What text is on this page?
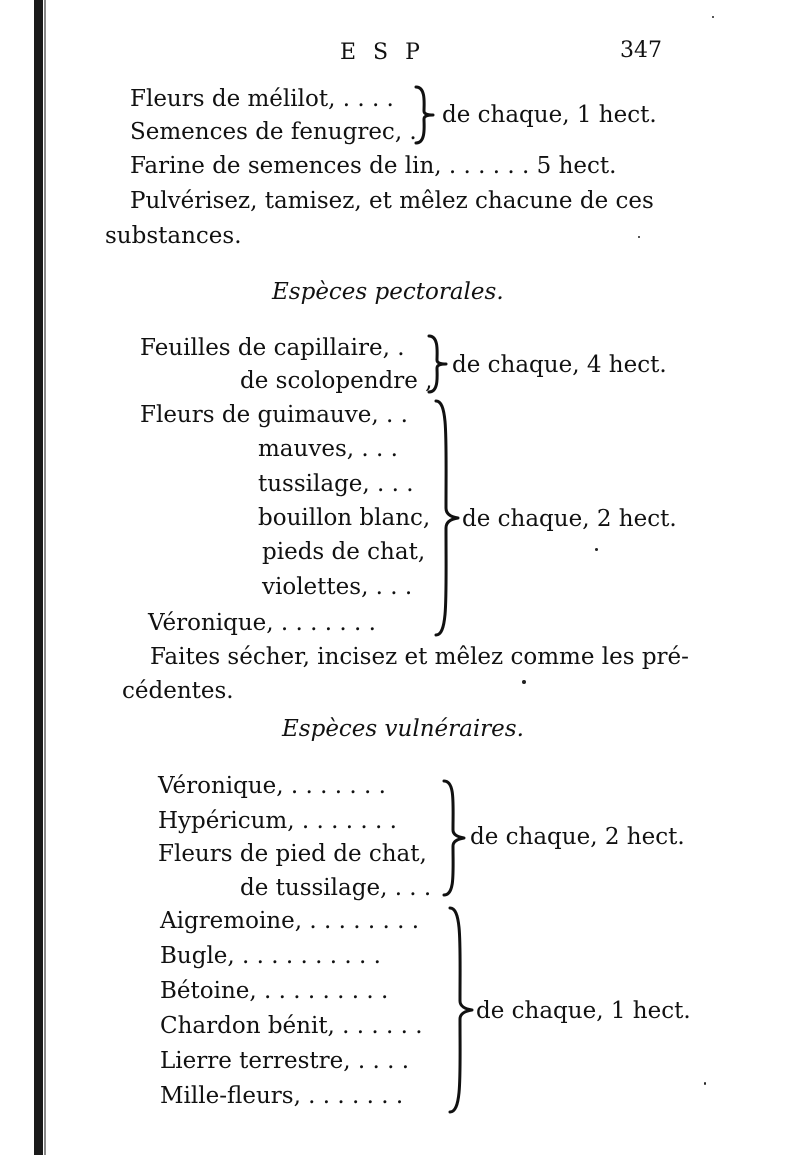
E S P	347
Fleurs de mélilot, . . . .
Semences de fenugrec, .
de chaque, 1 hect.
Farine de semences de lin, . . . . . . 5 hect.
Pulvérisez, tamisez, et mêlez chacune de ces
substances.
Espèces pectorales.
Feuilles de capillaire, .
de scolopendre ,
de chaque, 4 hect.
Fleurs de guimauve, . .
mauves, . . .
tussilage, . . .
bouillon blanc,
pieds de chat,
violettes, . . .
Véronique, . . . . . . .
de chaque, 2 hect.
Faites sécher, incisez et mêlez comme les pré-
cédentes.
Espèces vulnéraires.
Véronique, . . . . . . .
Hypéricum, . . . . . . .
Fleurs de pied de chat,
de tussilage, . . .
de chaque, 2 hect.
Aigremoine, . . . . . . . .
Bugle, . . . . . . . . . .
Bétoine, . . . . . . . . .
Chardon bénit, . . . . . .
Lierre terrestre, . . . .
Mille-fleurs, . . . . . . .
de chaque, 1 hect.
